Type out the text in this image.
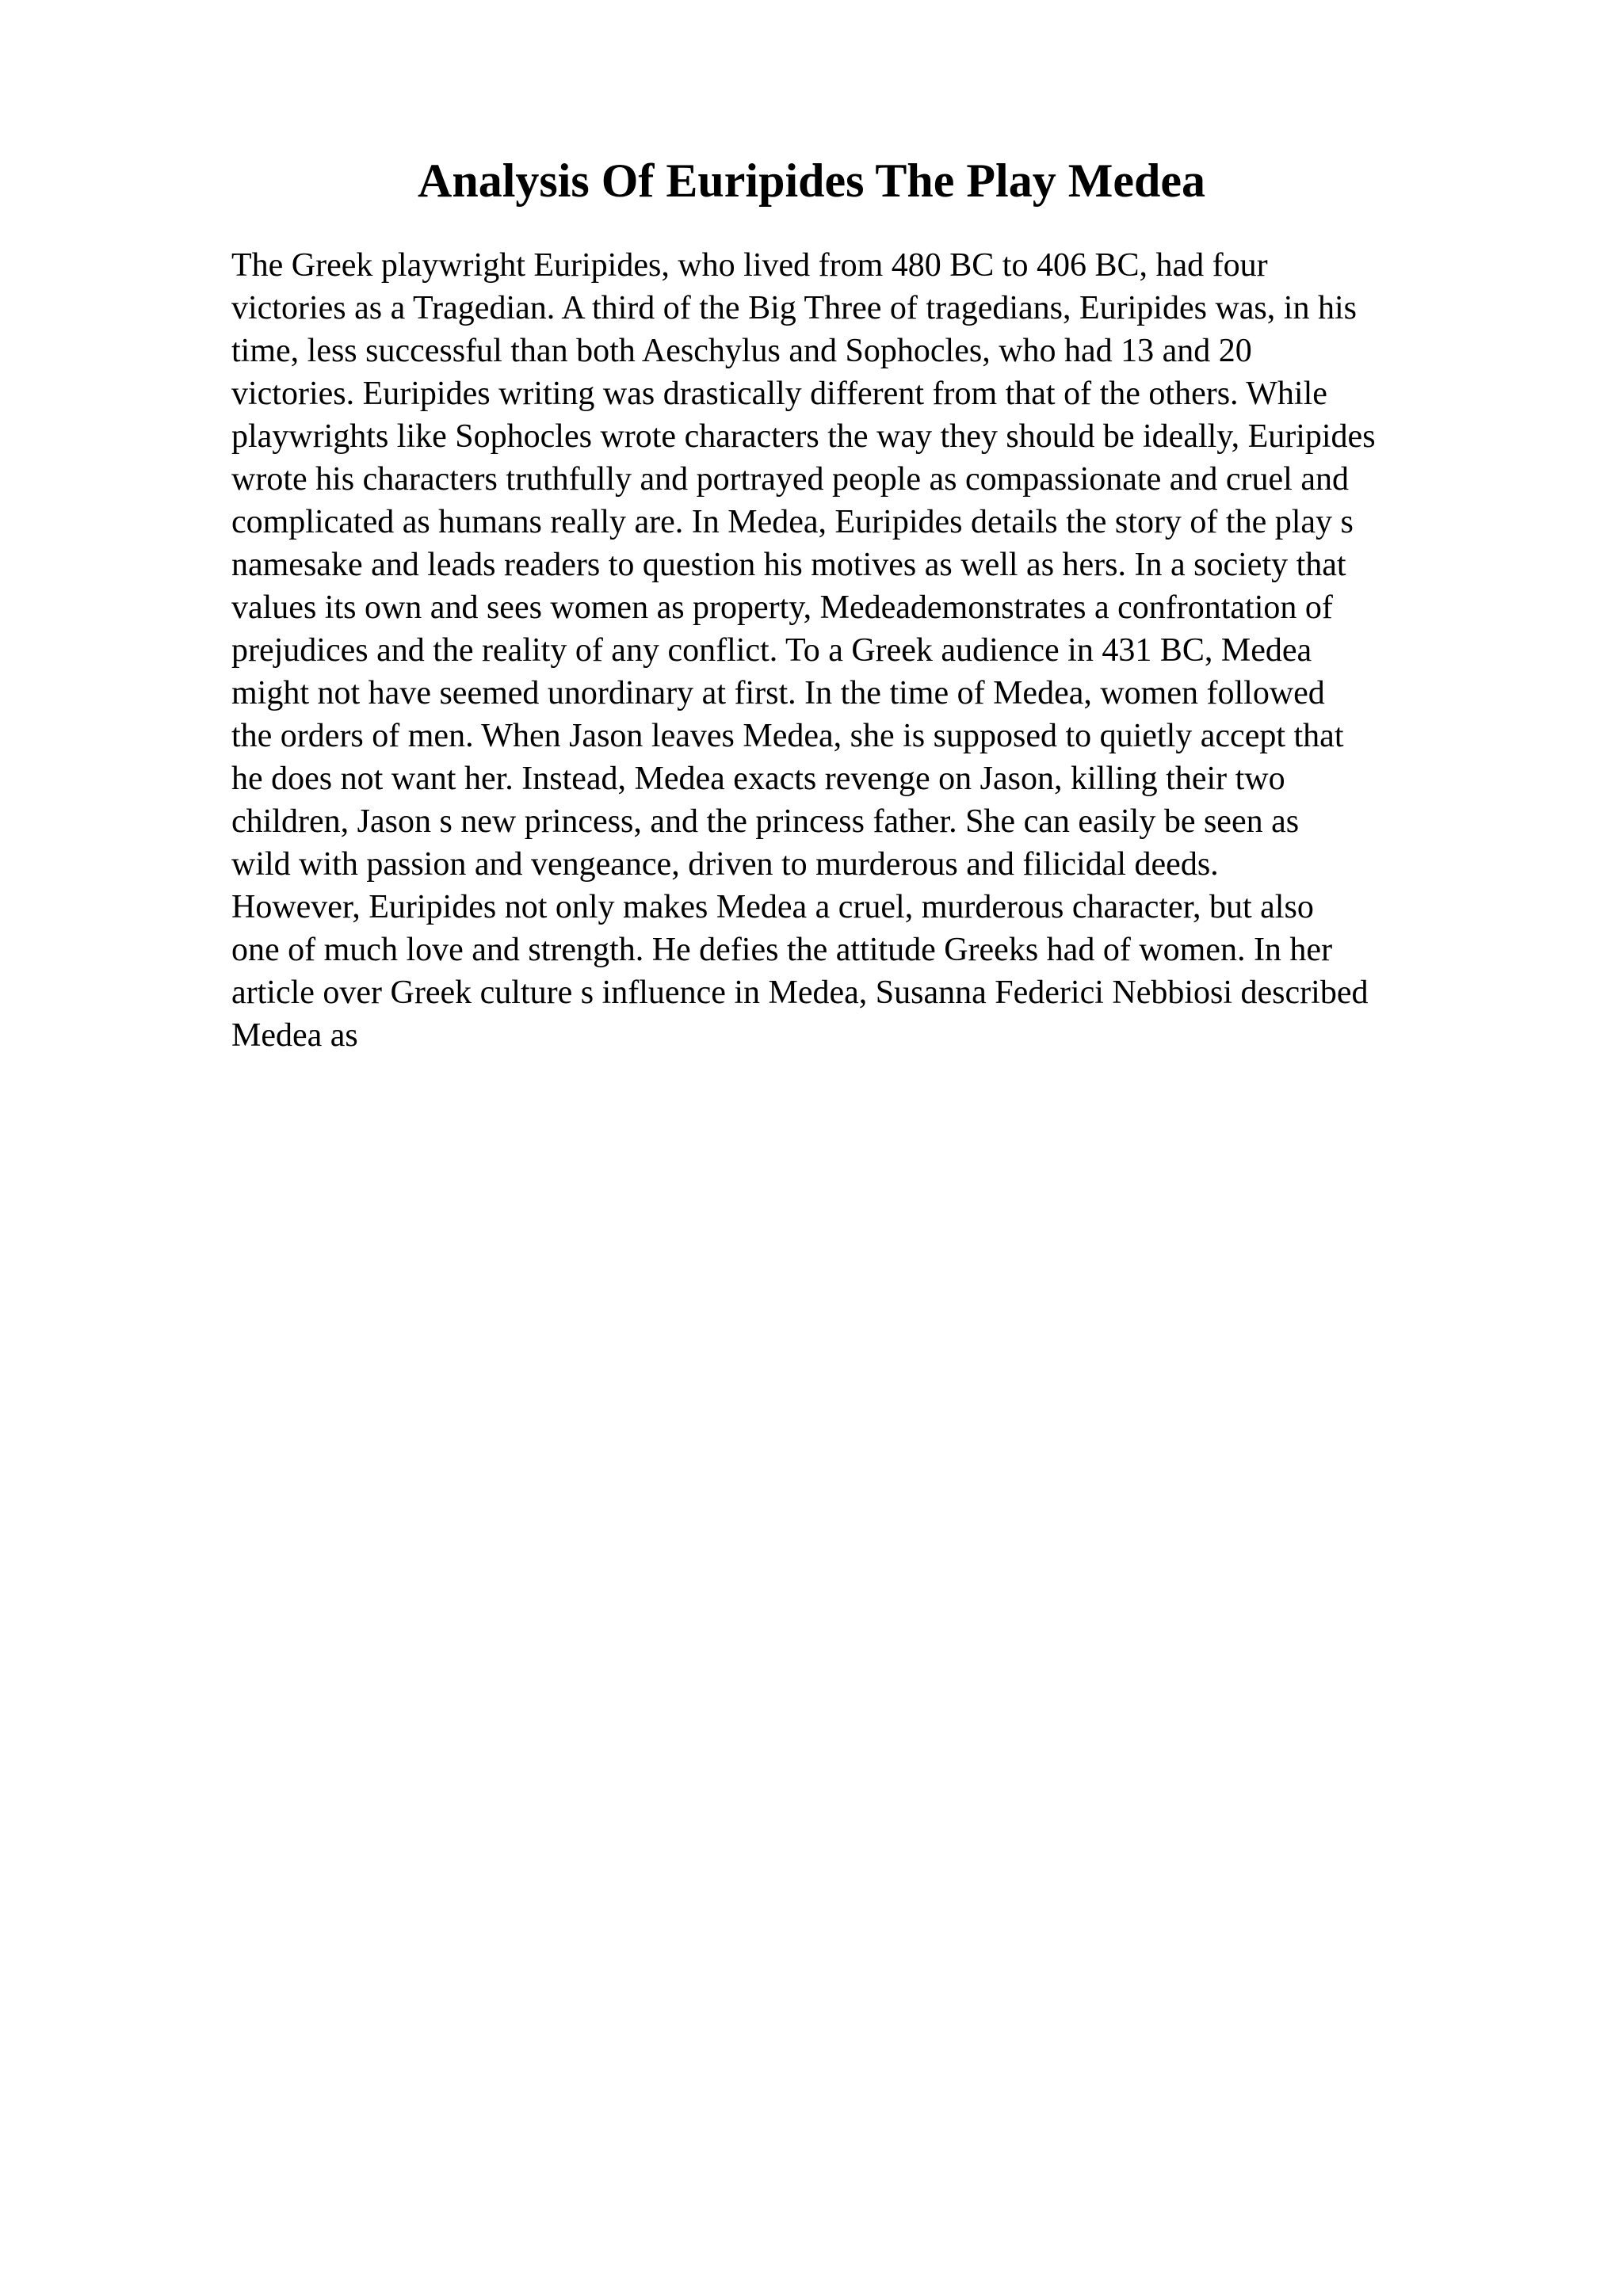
Analysis Of Euripides The Play Medea
The Greek playwright Euripides, who lived from 480 BC to 406 BC, had four
victories as a Tragedian. A third of the Big Three of tragedians, Euripides was, in his
time, less successful than both Aeschylus and Sophocles, who had 13 and 20
victories. Euripides writing was drastically different from that of the others. While
playwrights like Sophocles wrote characters the way they should be ideally, Euripides
wrote his characters truthfully and portrayed people as compassionate and cruel and
complicated as humans really are. In Medea, Euripides details the story of the play s
namesake and leads readers to question his motives as well as hers. In a society that
values its own and sees women as property, Medeademonstrates a confrontation of
prejudices and the reality of any conflict. To a Greek audience in 431 BC, Medea
might not have seemed unordinary at first. In the time of Medea, women followed
the orders of men. When Jason leaves Medea, she is supposed to quietly accept that
he does not want her. Instead, Medea exacts revenge on Jason, killing their two
children, Jason s new princess, and the princess father. She can easily be seen as
wild with passion and vengeance, driven to murderous and filicidal deeds.
However, Euripides not only makes Medea a cruel, murderous character, but also
one of much love and strength. He defies the attitude Greeks had of women. In her
article over Greek culture s influence in Medea, Susanna Federici Nebbiosi described
Medea as
